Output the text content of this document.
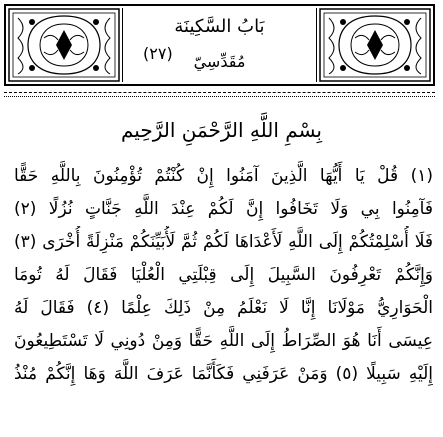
بَابُ السَّكِينَة
(٢٧)	مُقَدِّسِيّ
بِسْمِ اللَّهِ الرَّحْمَنِ الرَّحِيم
(١) قُلْ يَا أَيُّهَا الَّذِينَ آمَنُوا إِنْ كُنْتُمْ تُؤْمِنُونَ بِاللَّهِ حَقًّا
فَآمِنُوا بِي وَلَا تَخَافُوا إِنَّ لَكُمْ عِنْدَ اللَّهِ جَنَّاتٍ نُزُلًا (٢)
فَلَا أُسْلِمْتُكُمْ إِلَى اللَّهِ لَأَعْدَاهَا لَكُمْ ثُمَّ لَأُبَيِّنَكُمْ مَنْزِلَةً أُخْرَى (٣)
وَإِنَّكُمْ تَعْرِفُونَ السَّبِيلَ إِلَى قِبْلَتِي الْعُلْيَا فَقَالَ لَهُ تُومَا
الْحَوَارِيُّ مَوْلَانَا إِنَّا لَا نَعْلَمُ مِنْ ذَلِكَ عِلْمًا (٤) فَقَالَ لَهُ
عِيسَى أَنَا هُوَ الصِّرَاطُ إِلَى اللَّهِ حَقًّا وَمِنْ دُونِي لَا تَسْتَطِيعُونَ
إِلَيْهِ سَبِيلًا (٥) وَمَنْ عَرَفَنِي فَكَأَنَّمَا عَرَفَ اللَّهَ وَهَا إِنَّكُمْ مُنْذُ
